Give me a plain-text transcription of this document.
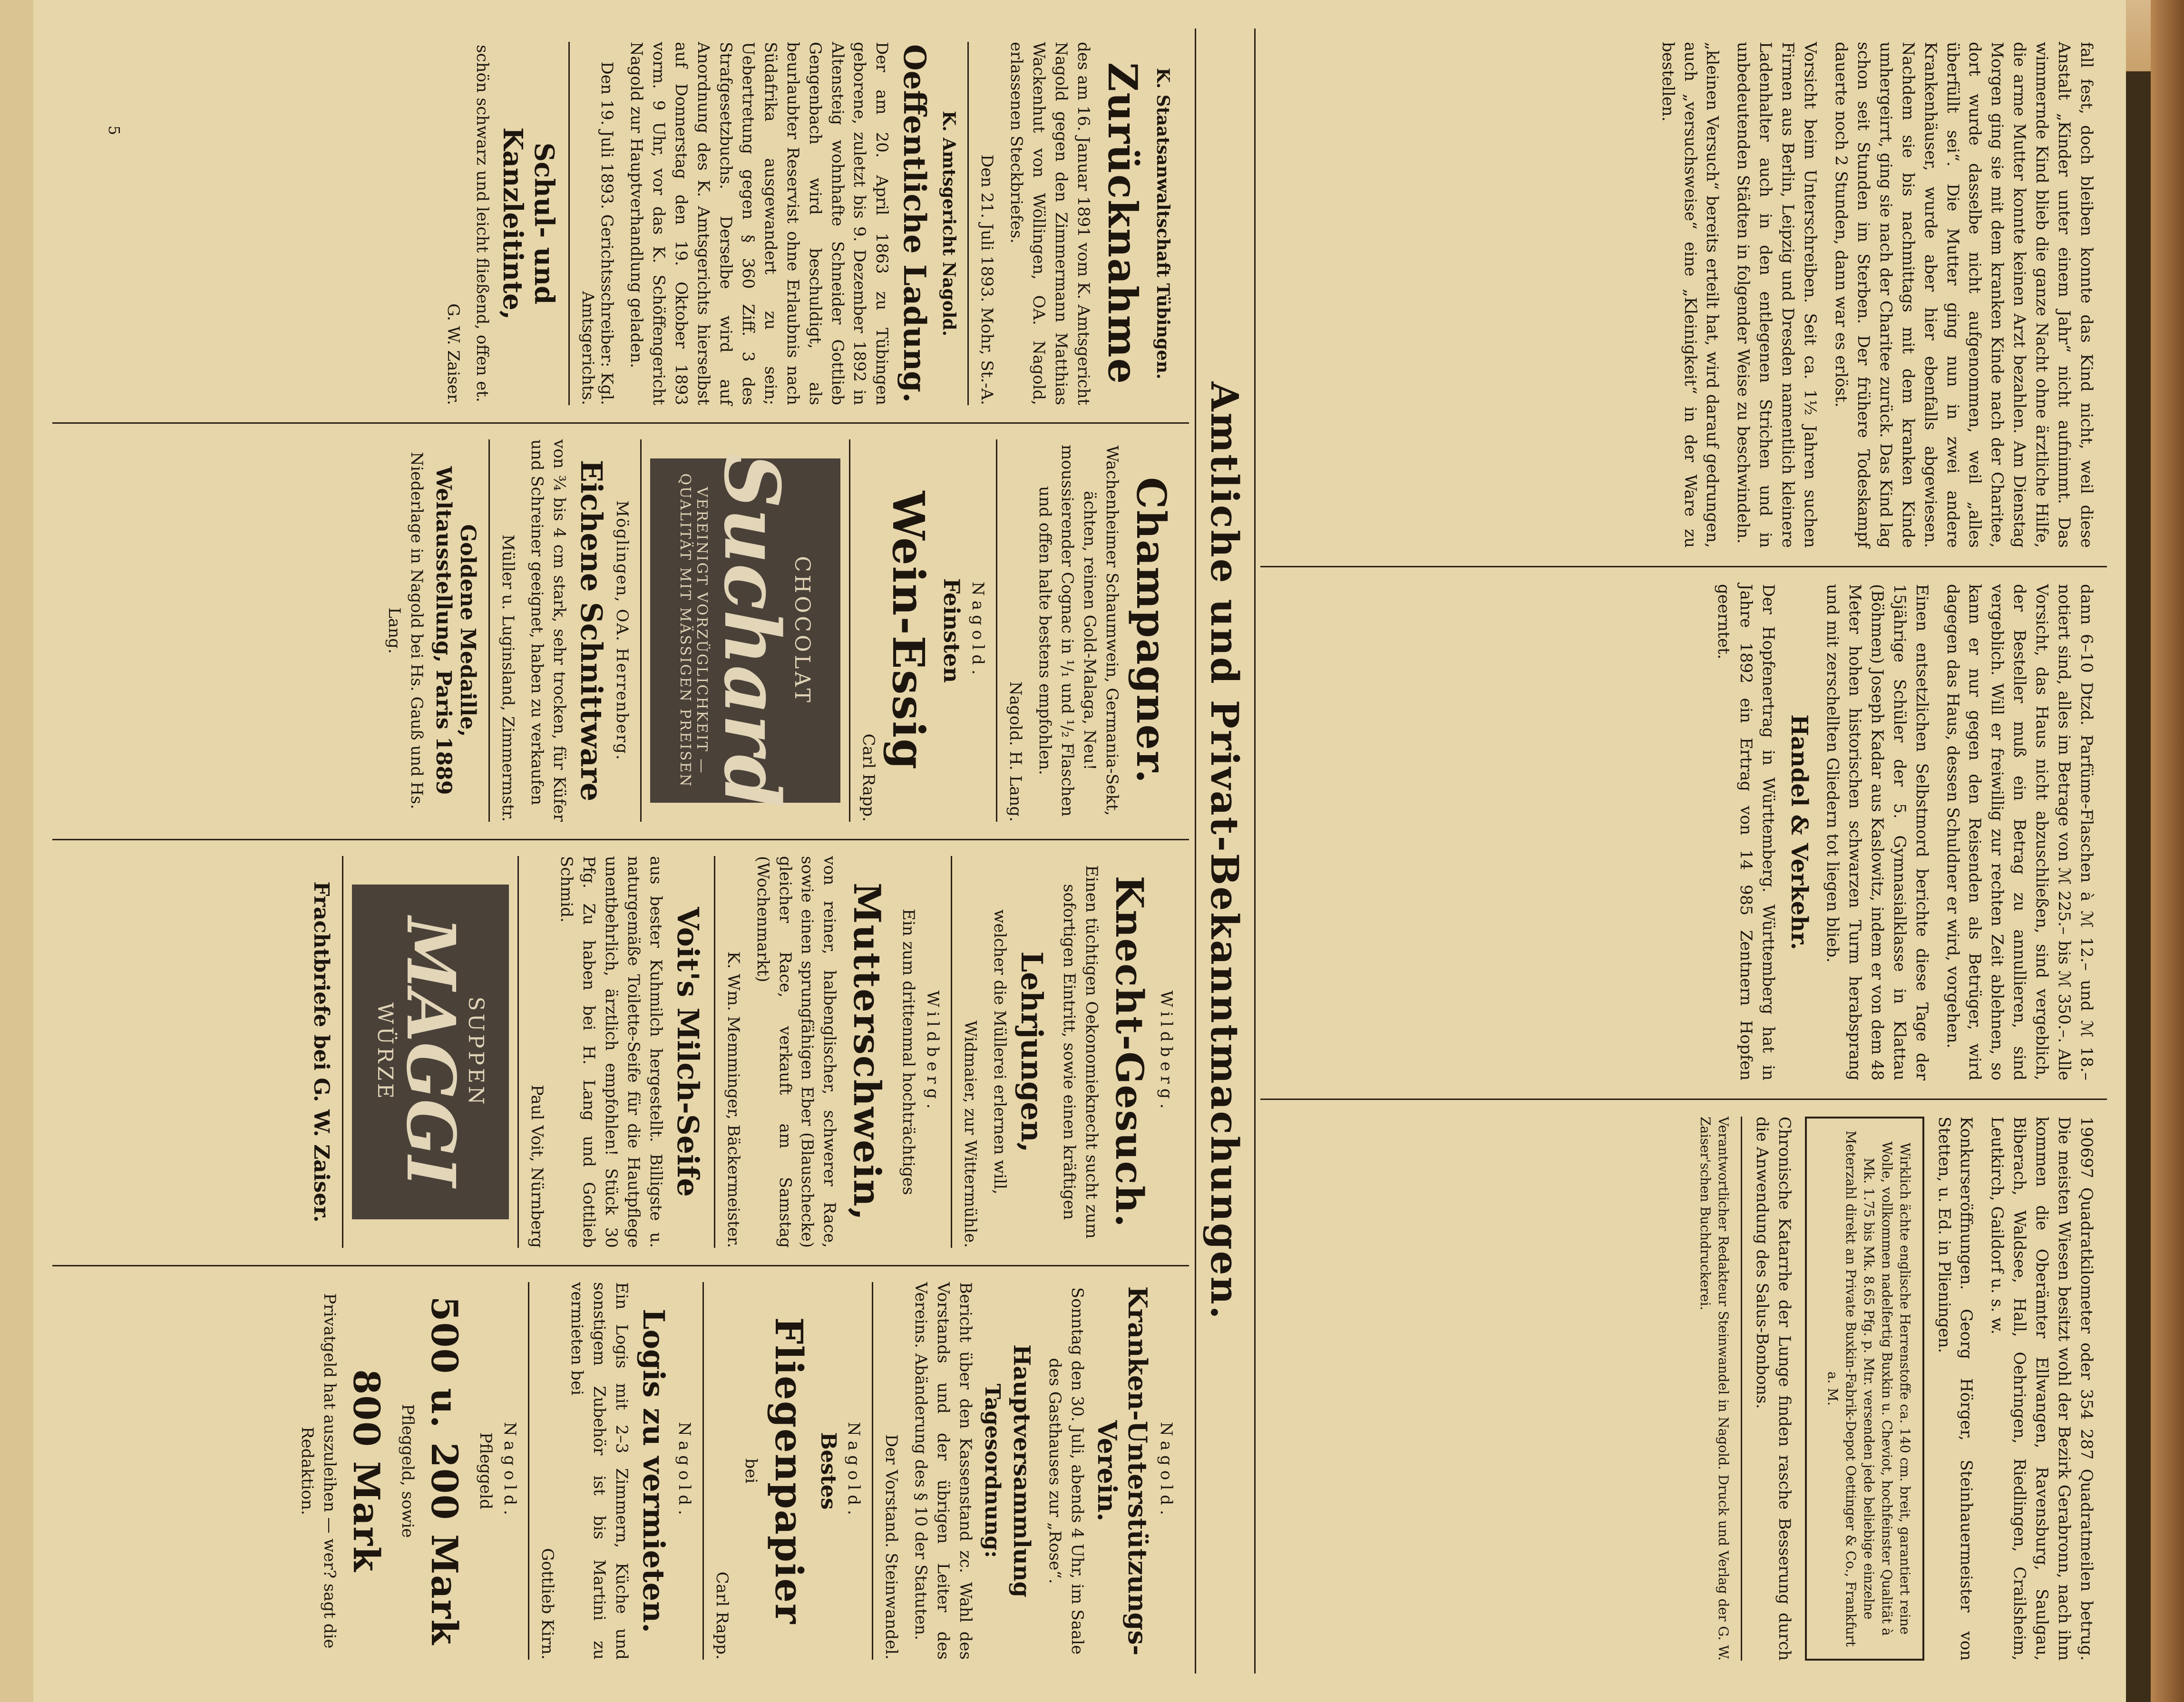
fall fest, doch bleiben konnte das Kind nicht, weil diese Anstalt „Kinder unter einem Jahr“ nicht aufnimmt. Das wimmernde Kind blieb die ganze Nacht ohne ärztliche Hilfe, die arme Mutter konnte keinen Arzt bezahlen. Am Dienstag Morgen ging sie mit dem kranken Kinde nach der Charitee, dort wurde dasselbe nicht aufgenommen, weil „alles überfüllt sei“. Die Mutter ging nun in zwei andere Krankenhäuser, wurde aber hier ebenfalls abgewiesen. Nachdem sie bis nachmittags mit dem kranken Kinde umhergeirrt, ging sie nach der Charitee zurück. Das Kind lag schon seit Stunden im Sterben. Der frühere Todeskampf dauerte noch 2 Stunden, dann war es erlöst.

Vorsicht beim Unterschreiben. Seit ca. 1½ Jahren suchen Firmen aus Berlin, Leipzig und Dresden namentlich kleinere Ladenhalter auch in den entlegenen Strichen und in unbedeutenden Städten in folgender Weise zu beschwindeln.

„kleinen Versuch“ bereits erteilt hat, wird darauf gedrungen, auch „versuchsweise“ eine „Kleinigkeit“ in der Ware zu bestellen.

dann 6–10 Dtzd. Parfüme-Flaschen à ℳ 12.– und ℳ 18.– notiert sind, alles im Betrage von ℳ 225.– bis ℳ 350.–. Alle Vorsicht, das Haus nicht abzuschließen, sind vergeblich, der Besteller muß ein Betrag zu annullieren, sind vergeblich. Will er freiwillig zur rechten Zeit ablehnen, so kann er nur gegen den Reisenden als Betrüger, wird dagegen das Haus, dessen Schuldner er wird, vorgehen.

Einen entsetzlichen Selbstmord berichte diese Tage der 15jährige Schüler der 5. Gymnasialklasse in Klattau (Böhmen) Joseph Kadar aus Kaslowitz, indem er von dem 48 Meter hohen historischen schwarzen Turm herabsprang und mit zerschellten Gliedern tot liegen blieb.

Handel & Verkehr.

Der Hopfenertrag in Württemberg. Württemberg hat in Jahre 1892 ein Ertrag von 14 985 Zentnern Hopfen geerntet.

190697 Quadratkilometer oder 354 287 Quadratmeilen betrug. Die meisten Wiesen besitzt wohl der Bezirk Gerabronn, nach ihm kommen die Oberämter Ellwangen, Ravensburg, Saulgau, Biberach, Waldsee, Hall, Oehringen, Riedlingen, Crailsheim, Leutkirch, Gaildorf u. s. w.

Konkurseröffnungen. Georg Hörger, Steinhauermeister von Stetten, u. Ed. in Plieningen.

Wirklich ächte englische Herrenstoffe ca. 140 cm. breit, garantiert reine Wolle, vollkommen nadelfertig Buxkin u. Cheviot, hochfeinster Qualität à Mk. 1.75 bis Mk. 8.65 Pfg. p. Mtr. versenden jede beliebige einzelne Meterzahl direkt an Private Buxkin-Fabrik-Depot Oettinger & Co., Frankfurt a. M.

Chronische Katarrhe der Lunge finden rasche Besserung durch die Anwendung des Salus-Bonbons.

Verantwortlicher Redakteur Steinwandel in Nagold. Druck und Verlag der G. W. Zaiser'schen Buchdruckerei.

Amtliche und Privat-Bekanntmachungen.
K. Staatsanwaltschaft Tübingen.
Zurücknahme

des am 16. Januar 1891 vom K. Amtsgericht Nagold gegen den Zimmermann Matthias Wackenhut von Wöllingen, OA. Nagold, erlassenen Steckbriefes.

Den 21. Juli 1893. Mohr, St.-A.
K. Amtsgericht Nagold.
Oeffentliche Ladung.

Der am 20. April 1863 zu Tübingen geborene, zuletzt bis 9. Dezember 1892 in Altensteig wohnhafte Schneider Gottlieb Gengenbach wird beschuldigt, als beurlaubter Reservist ohne Erlaubnis nach Südafrika ausgewandert zu sein; Uebertretung gegen § 360 Ziff. 3 des Strafgesetzbuchs. Derselbe wird auf Anordnung des K. Amtsgerichts hierselbst auf Donnerstag den 19. Oktober 1893 vorm. 9 Uhr, vor das K. Schöffengericht Nagold zur Hauptverhandlung geladen.

Den 19. Juli 1893. Gerichtsschreiber: Kgl. Amtsgerichts.
Schul- und Kanzleitinte,

schön schwarz und leicht fließend, offen et.

G. W. Zaiser.
Champagner.

Wachenheimer Schaumwein, Germania-Sekt, ächten, reinen Gold-Malaga, Neu! moussierender Cognac in ¹/₁ und ¹/₂ Flaschen und offen halte bestens empfohlen.

Nagold. H. Lang.
Nagold.
Feinsten
Wein-Essig
Carl Rapp.
CHOCOLAT
Suchard
VEREINIGT VORZÜGLICHKEIT — QUALITÄT MIT MÄSSIGEN PREISEN
Möglingen, OA. Herrenberg.
Eichene Schnittware

von ¾ bis 4 cm stark, sehr trocken, für Küfer und Schreiner geeignet, haben zu verkaufen

Müller u. Luginsland, Zimmermstr.
Goldene Medaille, Weltausstellung, Paris 1889

Niederlage in Nagold bei Hs. Gauß und Hs. Lang.

Wildberg.
Knecht-Gesuch.

Einen tüchtigen Oekonomieknecht sucht zum sofortigen Eintritt, sowie einen kräftigen

Lehrjungen,

welcher die Müllerei erlernen will,

Widmaier, zur Wittermühle.
Wildberg.

Ein zum drittenmal hochträchtiges

Mutterschwein,

von reiner, halbenglischer, schwerer Race, sowie einen sprungfähigen Eber (Blauschecke) gleicher Race, verkauft am Samstag (Wochenmarkt)

K. Wm. Memminger, Bäckermeister.
Voit's Milch-Seife

aus bester Kuhmilch hergestellt. Billigste u. naturgemäße Toilette-Seife für die Hautpflege unentbehrlich, ärztlich empfohlen! Stück 30 Pfg. Zu haben bei H. Lang und Gottlieb Schmid.

Paul Voit, Nürnberg
SUPPEN
MAGGI
WÜRZE
Frachtbriefe bei G. W. Zaiser.
Nagold.
Kranken-Unterstützungs-Verein.

Sonntag den 30. Juli, abends 4 Uhr, im Saale des Gasthauses zur „Rose“.

Hauptversammlung
Tagesordnung:

Bericht über den Kassenstand zc. Wahl des Vorstands und der übrigen Leiter des Vereins. Abänderung des § 10 der Statuten.

Der Vorstand. Steinwandel.
Nagold.
Bestes
Fliegenpapier

bei

Carl Rapp.
Nagold.
Logis zu vermieten.

Ein Logis mit 2–3 Zimmern, Küche und sonstigem Zubehör ist bis Martini zu vermieten bei

Gottlieb Kirn.
Nagold.

Pfleggeld

500 u. 200 Mark

Pfleggeld, sowie

800 Mark

Privatgeld hat auszuleihen — wer? sagt die Redaktion.

5
